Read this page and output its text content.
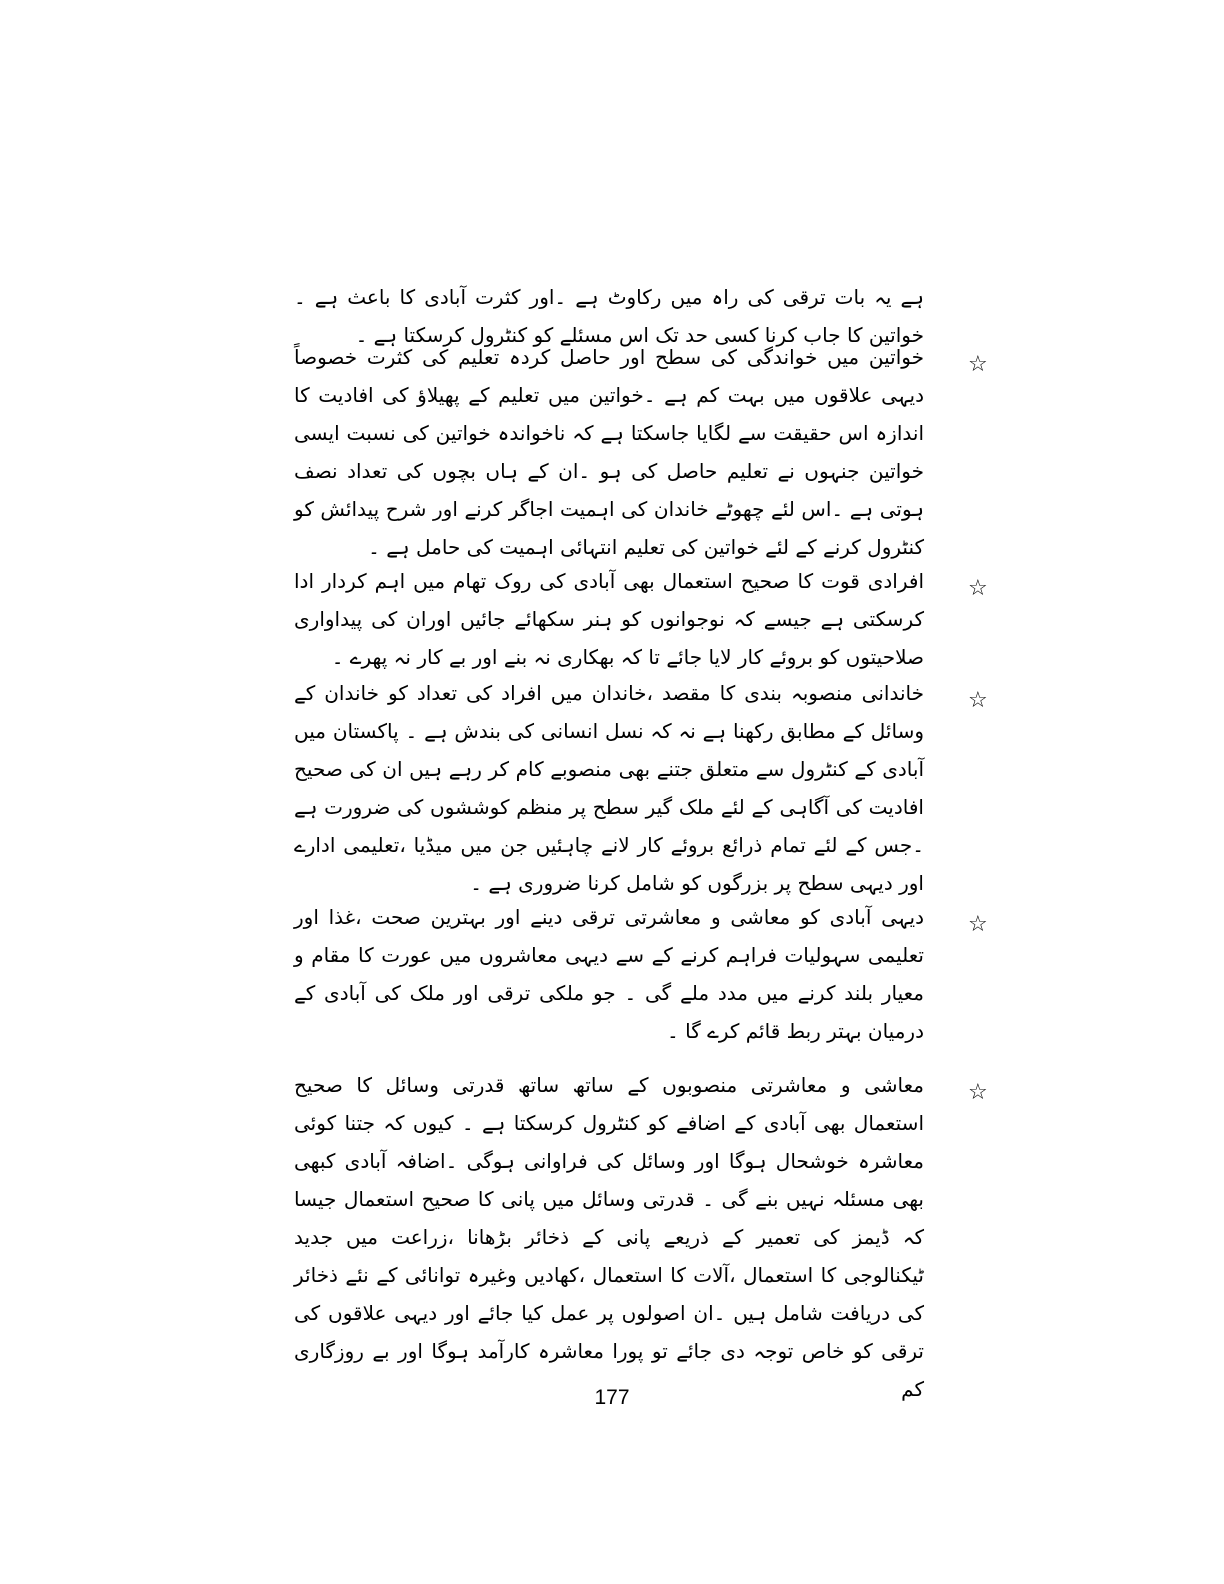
ہے یہ بات ترقی کی راہ میں رکاوٹ ہے ۔اور کثرت آبادی کا باعث ہے ۔خواتین کا جاب کرنا کسی حد تک اس مسئلے کو کنٹرول کرسکتا ہے ۔

☆

خواتین میں خواندگی کی سطح اور حاصل کردہ تعلیم کی کثرت خصوصاً دیہی علاقوں میں بہت کم ہے ۔خواتین میں تعلیم کے پھیلاؤ کی افادیت کا اندازہ اس حقیقت سے لگایا جاسکتا ہے کہ ناخواندہ خواتین کی نسبت ایسی خواتین جنہوں نے تعلیم حاصل کی ہو ۔ان کے ہاں بچوں کی تعداد نصف ہوتی ہے ۔اس لئے چھوٹے خاندان کی اہمیت اجاگر کرنے اور شرح پیدائش کو کنٹرول کرنے کے لئے خواتین کی تعلیم انتہائی اہمیت کی حامل ہے ۔

☆

افرادی قوت کا صحیح استعمال بھی آبادی کی روک تھام میں اہم کردار ادا کرسکتی ہے جیسے کہ نوجوانوں کو ہنر سکھائے جائیں اوران کی پیداواری صلاحیتوں کو بروئے کار لایا جائے تا کہ بھکاری نہ بنے اور بے کار نہ پھرے ۔

☆

خاندانی منصوبہ بندی کا مقصد ،خاندان میں افراد کی تعداد کو خاندان کے وسائل کے مطابق رکھنا ہے نہ کہ نسل انسانی کی بندش ہے ۔ پاکستان میں آبادی کے کنٹرول سے متعلق جتنے بھی منصوبے کام کر رہے ہیں ان کی صحیح افادیت کی آگاہی کے لئے ملک گیر سطح پر منظم کوششوں کی ضرورت ہے ۔جس کے لئے تمام ذرائع بروئے کار لانے چاہئیں جن میں میڈیا ،تعلیمی ادارے اور دیہی سطح پر بزرگوں کو شامل کرنا ضروری ہے ۔

☆

دیہی آبادی کو معاشی و معاشرتی ترقی دینے اور بہترین صحت ،غذا اور تعلیمی سہولیات فراہم کرنے کے سے دیہی معاشروں میں عورت کا مقام و معیار بلند کرنے میں مدد ملے گی ۔ جو ملکی ترقی اور ملک کی آبادی کے درمیان بہتر ربط قائم کرے گا ۔

☆

معاشی و معاشرتی منصوبوں کے ساتھ ساتھ قدرتی وسائل کا صحیح استعمال بھی آبادی کے اضافے کو کنٹرول کرسکتا ہے ۔ کیوں کہ جتنا کوئی معاشرہ خوشحال ہوگا اور وسائل کی فراوانی ہوگی ۔اضافہ آبادی کبھی بھی مسئلہ نہیں بنے گی ۔ قدرتی وسائل میں پانی کا صحیح استعمال جیسا کہ ڈیمز کی تعمیر کے ذریعے پانی کے ذخائر بڑھانا ،زراعت میں جدید ٹیکنالوجی کا استعمال ،آلات کا استعمال ،کھادیں وغیرہ توانائی کے نئے ذخائر کی دریافت شامل ہیں ۔ان اصولوں پر عمل کیا جائے اور دیہی علاقوں کی ترقی کو خاص توجہ دی جائے تو پورا معاشرہ کارآمد ہوگا اور بے روزگاری کم

177
